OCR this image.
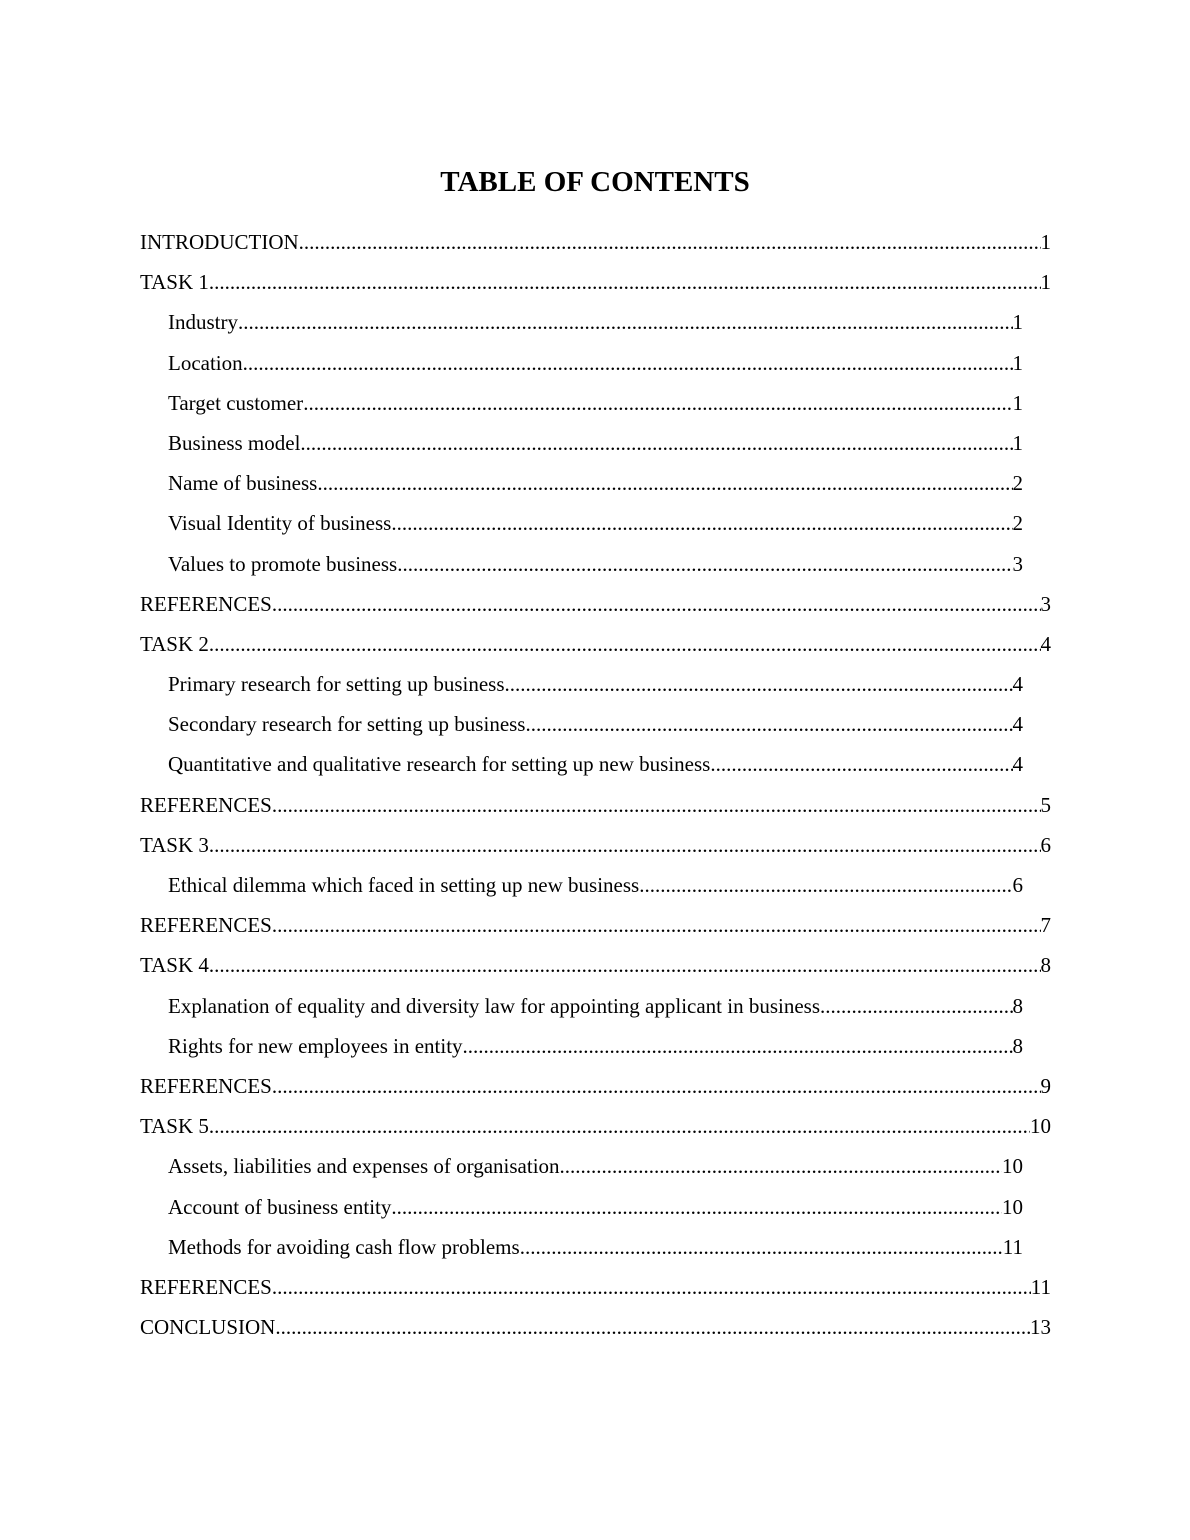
TABLE OF CONTENTS
INTRODUCTION .....	1
TASK 1 .....	1
Industry .....	1
Location .....	1
Target customer .....	1
Business model .....	1
Name of business .....	2
Visual Identity of business .....	2
Values to promote business .....	3
REFERENCES .....	3
TASK 2 .....	4
Primary research for setting up business .....	4
Secondary research for setting up business .....	4
Quantitative and qualitative research for setting up new business .....	4
REFERENCES .....	5
TASK 3 .....	6
Ethical dilemma which faced in setting up new business .....	6
REFERENCES .....	7
TASK 4 .....	8
Explanation of equality and diversity law for appointing applicant in business .....	8
Rights for new employees in entity .....	8
REFERENCES .....	9
TASK 5 .....	10
Assets, liabilities and expenses of organisation .....	10
Account of business entity .....	10
Methods for avoiding cash flow problems .....	11
REFERENCES .....	11
CONCLUSION .....	13
